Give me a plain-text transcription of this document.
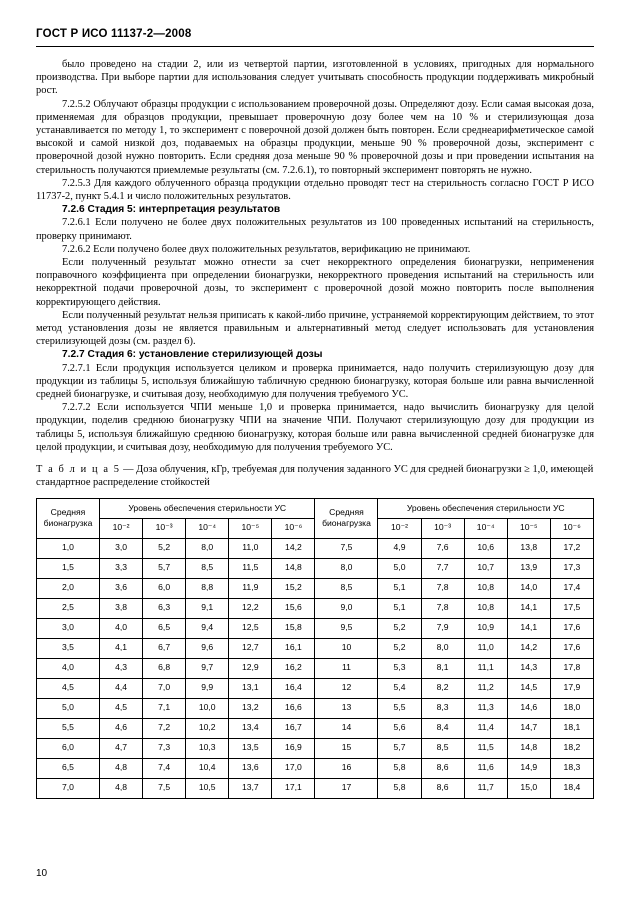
ГОСТ Р ИСО 11137-2—2008

было проведено на стадии 2, или из четвертой партии, изготовленной в условиях, пригодных для нормального производства. При выборе партии для использования следует учитывать способность продукции поддерживать микробный рост.

7.2.5.2 Облучают образцы продукции с использованием проверочной дозы. Определяют дозу. Если самая высокая доза, применяемая для образцов продукции, превышает проверочную дозу более чем на 10 % и стерилизующая доза устанавливается по методу 1, то эксперимент с поверочной дозой должен быть повторен. Если среднеарифметическое самой высокой и самой низкой доз, подаваемых на образцы продукции, меньше 90 % проверочной дозы, эксперимент с проверочной дозой нужно повторить. Если средняя доза меньше 90 % проверочной дозы и при проведении испытания на стерильность получаются приемлемые результаты (см. 7.2.6.1), то повторный эксперимент повторять не нужно.

7.2.5.3 Для каждого облученного образца продукции отдельно проводят тест на стерильность согласно ГОСТ Р ИСО 11737-2, пункт 5.4.1 и число положительных результатов.

7.2.6 Стадия 5: интерпретация результатов

7.2.6.1 Если получено не более двух положительных результатов из 100 проведенных испытаний на стерильность, проверку принимают.

7.2.6.2 Если получено более двух положительных результатов, верификацию не принимают.

Если полученный результат можно отнести за счет некорректного определения бионагрузки, неприменения поправочного коэффициента при определении бионагрузки, некорректного проведения испытаний на стерильность или некорректной подачи проверочной дозы, то эксперимент с проверочной дозой можно повторить после выполнения корректирующего действия.

Если полученный результат нельзя приписать к какой-либо причине, устраняемой корректирующим действием, то этот метод установления дозы не является правильным и альтернативный метод следует использовать для установления стерилизующей дозы (см. раздел 6).

7.2.7 Стадия 6: установление стерилизующей дозы

7.2.7.1 Если продукция используется целиком и проверка принимается, надо получить стерилизующую дозу для продукции из таблицы 5, используя ближайшую табличную среднюю бионагрузку, которая больше или равна вычисленной средней бионагрузке, и считывая дозу, необходимую для получения требуемого УС.

7.2.7.2 Если используется ЧПИ меньше 1,0 и проверка принимается, надо вычислить бионагрузку для целой продукции, поделив среднюю бионагрузку ЧПИ на значение ЧПИ. Получают стерилизующую дозу для продукции из таблицы 5, используя ближайшую среднюю бионагрузку, которая больше или равна вычисленной средней бионагрузке для целой продукции, и считывая дозу, необходимую для получения требуемого УС.

Т а б л и ц а 5 — Доза облучения, кГр, требуемая для получения заданного УС для средней бионагрузки ≥ 1,0, имеющей стандартное распределение стойкостей
Средняя бионагрузка	Уровень обеспечения стерильности УС					Средняя бионагрузка	Уровень обеспечения стерильности УС				
	10⁻²	10⁻³	10⁻⁴	10⁻⁵	10⁻⁶		10⁻²	10⁻³	10⁻⁴	10⁻⁵	10⁻⁶
1,0	3,0	5,2	8,0	11,0	14,2	7,5	4,9	7,6	10,6	13,8	17,2
1,5	3,3	5,7	8,5	11,5	14,8	8,0	5,0	7,7	10,7	13,9	17,3
2,0	3,6	6,0	8,8	11,9	15,2	8,5	5,1	7,8	10,8	14,0	17,4
2,5	3,8	6,3	9,1	12,2	15,6	9,0	5,1	7,8	10,8	14,1	17,5
3,0	4,0	6,5	9,4	12,5	15,8	9,5	5,2	7,9	10,9	14,1	17,6
3,5	4,1	6,7	9,6	12,7	16,1	10	5,2	8,0	11,0	14,2	17,6
4,0	4,3	6,8	9,7	12,9	16,2	11	5,3	8,1	11,1	14,3	17,8
4,5	4,4	7,0	9,9	13,1	16,4	12	5,4	8,2	11,2	14,5	17,9
5,0	4,5	7,1	10,0	13,2	16,6	13	5,5	8,3	11,3	14,6	18,0
5,5	4,6	7,2	10,2	13,4	16,7	14	5,6	8,4	11,4	14,7	18,1
6,0	4,7	7,3	10,3	13,5	16,9	15	5,7	8,5	11,5	14,8	18,2
6,5	4,8	7,4	10,4	13,6	17,0	16	5,8	8,6	11,6	14,9	18,3
7,0	4,8	7,5	10,5	13,7	17,1	17	5,8	8,6	11,7	15,0	18,4
10
